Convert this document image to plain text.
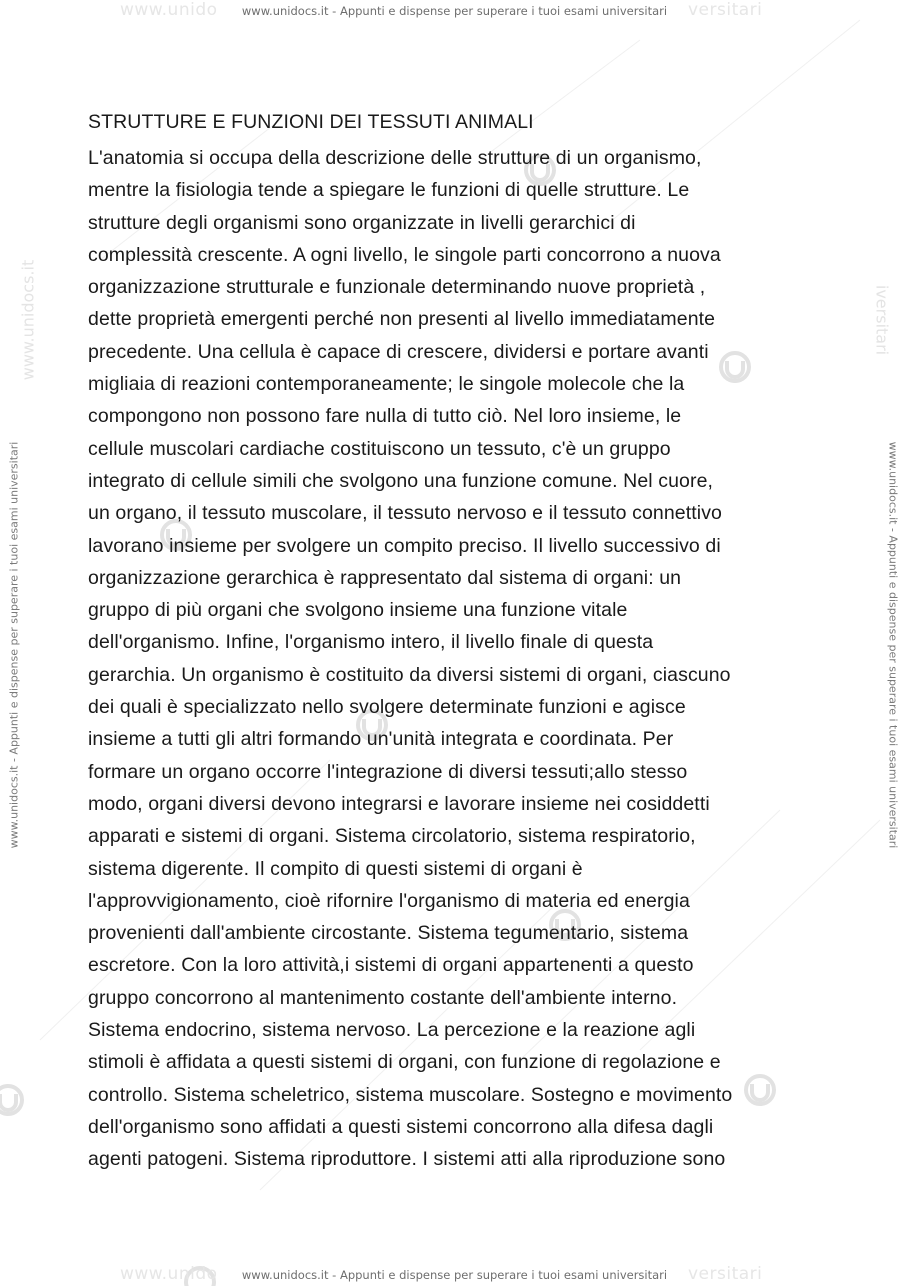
www.unido	versitari
www.unidocs.it - Appunti e dispense per superare i tuoi esami universitari
www.unidocs.it
www.unidocs.it - Appunti e dispense per superare i tuoi esami universitari
iversitari
www.unidocs.it - Appunti e dispense per superare i tuoi esami universitari
STRUTTURE E FUNZIONI DEI TESSUTI ANIMALI
L'anatomia si occupa della descrizione delle strutture di un organismo,
mentre la fisiologia tende a spiegare le funzioni di quelle strutture. Le
strutture degli organismi sono organizzate in livelli gerarchici di
complessità crescente. A ogni livello, le singole parti concorrono a nuova
organizzazione strutturale e funzionale determinando nuove proprietà ,
dette proprietà emergenti perché non presenti al livello immediatamente
precedente. Una cellula è capace di crescere, dividersi e portare avanti
migliaia di reazioni contemporaneamente; le singole molecole che la
compongono non possono fare nulla di tutto ciò. Nel loro insieme, le
cellule muscolari cardiache costituiscono un tessuto, c'è un gruppo
integrato di cellule simili che svolgono una funzione comune. Nel cuore,
un organo, il tessuto muscolare, il tessuto nervoso e il tessuto connettivo
lavorano insieme per svolgere un compito preciso. Il livello successivo di
organizzazione gerarchica è rappresentato dal sistema di organi: un
gruppo di più organi che svolgono insieme una funzione vitale
dell'organismo. Infine, l'organismo intero, il livello finale di questa
gerarchia. Un organismo è costituito da diversi sistemi di organi, ciascuno
dei quali è specializzato nello svolgere determinate funzioni e agisce
insieme a tutti gli altri formando un'unità integrata e coordinata. Per
formare un organo occorre l'integrazione di diversi tessuti;allo stesso
modo, organi diversi devono integrarsi e lavorare insieme nei cosiddetti
apparati e sistemi di organi. Sistema circolatorio, sistema respiratorio,
sistema digerente. Il compito di questi sistemi di organi è
l'approvvigionamento, cioè rifornire l'organismo di materia ed energia
provenienti dall'ambiente circostante. Sistema tegumentario, sistema
escretore. Con la loro attività,i sistemi di organi appartenenti a questo
gruppo concorrono al mantenimento costante dell'ambiente interno.
Sistema endocrino, sistema nervoso. La percezione e la reazione agli
stimoli è affidata a questi sistemi di organi, con funzione di regolazione e
controllo. Sistema scheletrico, sistema muscolare. Sostegno e movimento
dell'organismo sono affidati a questi sistemi concorrono alla difesa dagli
agenti patogeni. Sistema riproduttore. I sistemi atti alla riproduzione sono
www.unido	versitari
www.unidocs.it - Appunti e dispense per superare i tuoi esami universitari
